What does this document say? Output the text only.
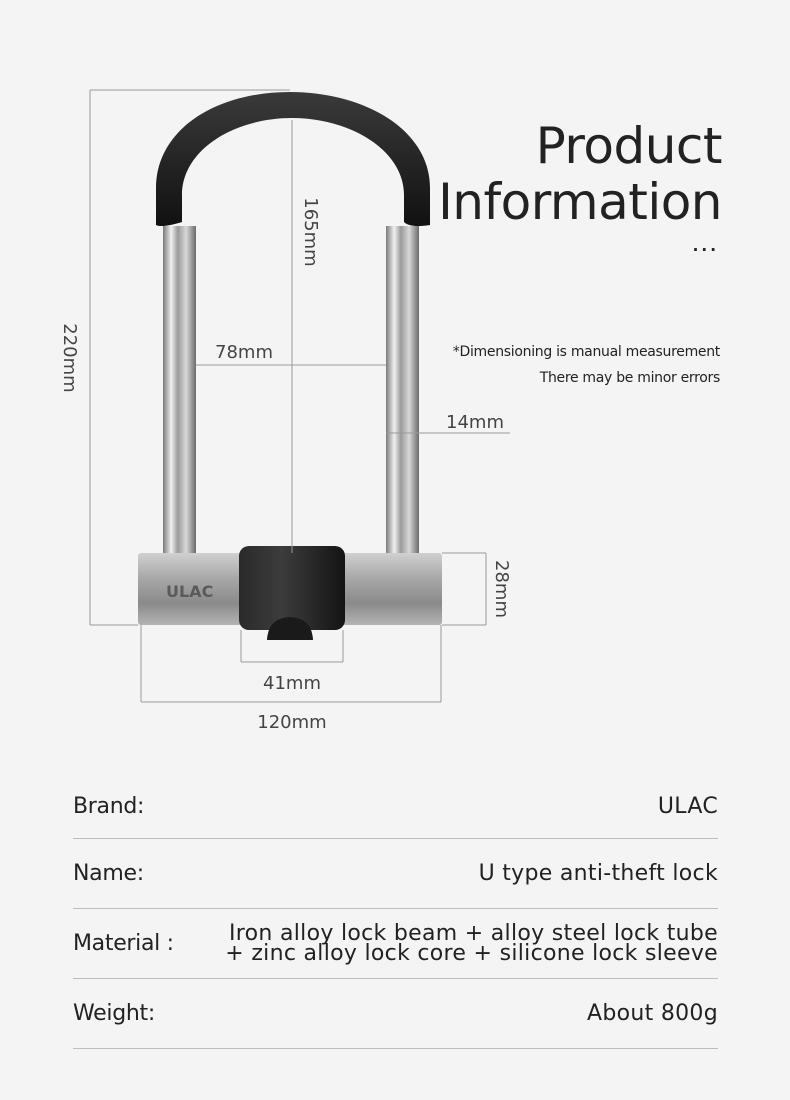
ULAC
220mm
165mm
78mm
14mm
28mm
41mm
120mm
Product
Information
...
*Dimensioning is manual measurement
There may be minor errors
Brand:	ULAC
Name:	U type anti-theft lock
Material :	Iron alloy lock beam + alloy steel lock tube
+ zinc alloy lock core + silicone lock sleeve
Weight:	About 800g
